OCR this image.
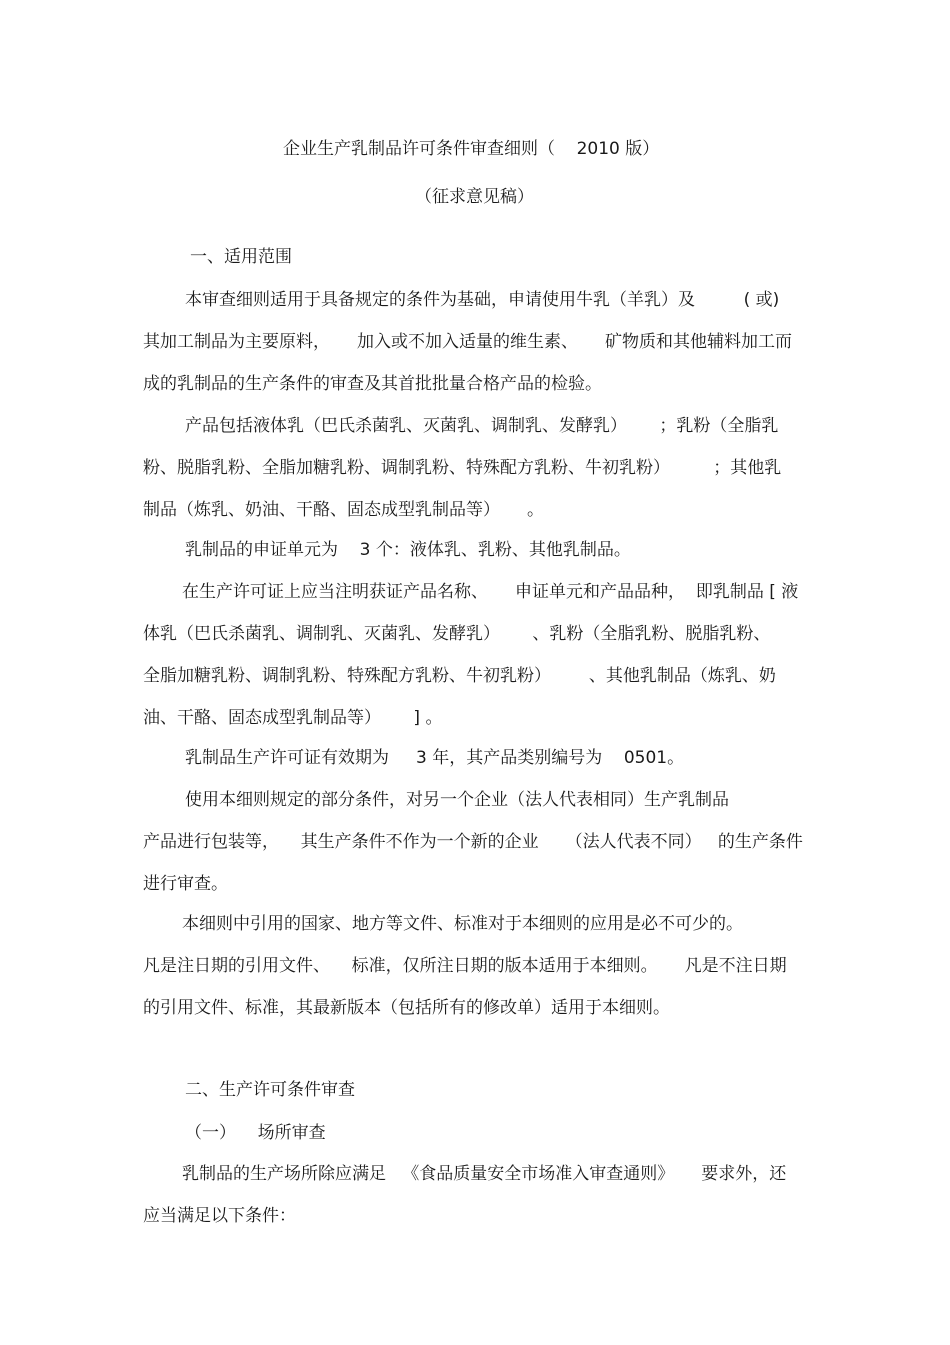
企业生产乳制品许可条件审查细则（    2010 版）
（征求意见稿）
一、适用范围
本审查细则适用于具备规定的条件为基础，申请使用牛乳（羊乳）及         ( 或)
其加工制品为主要原料，     加入或不加入适量的维生素、     矿物质和其他辅料加工而
成的乳制品的生产条件的审查及其首批批量合格产品的检验。
产品包括液体乳（巴氏杀菌乳、灭菌乳、调制乳、发酵乳）      ；乳粉（全脂乳
粉、脱脂乳粉、全脂加糖乳粉、调制乳粉、特殊配方乳粉、牛初乳粉）        ；其他乳
制品（炼乳、奶油、干酪、固态成型乳制品等）     。
乳制品的申证单元为    3 个：液体乳、乳粉、其他乳制品。
在生产许可证上应当注明获证产品名称、     申证单元和产品品种，  即乳制品 [ 液
体乳（巴氏杀菌乳、调制乳、灭菌乳、发酵乳）      、乳粉（全脂乳粉、脱脂乳粉、
全脂加糖乳粉、调制乳粉、特殊配方乳粉、牛初乳粉）       、其他乳制品（炼乳、奶
油、干酪、固态成型乳制品等）      ] 。
乳制品生产许可证有效期为     3 年，其产品类别编号为    0501。
使用本细则规定的部分条件，对另一个企业（法人代表相同）生产乳制品
产品进行包装等，    其生产条件不作为一个新的企业     （法人代表不同）   的生产条件
进行审查。
本细则中引用的国家、地方等文件、标准对于本细则的应用是必不可少的。
凡是注日期的引用文件、    标准，仅所注日期的版本适用于本细则。     凡是不注日期
的引用文件、标准，其最新版本（包括所有的修改单）适用于本细则。
二、生产许可条件审查
（一）    场所审查
乳制品的生产场所除应满足   《食品质量安全市场准入审查通则》     要求外，还
应当满足以下条件：
